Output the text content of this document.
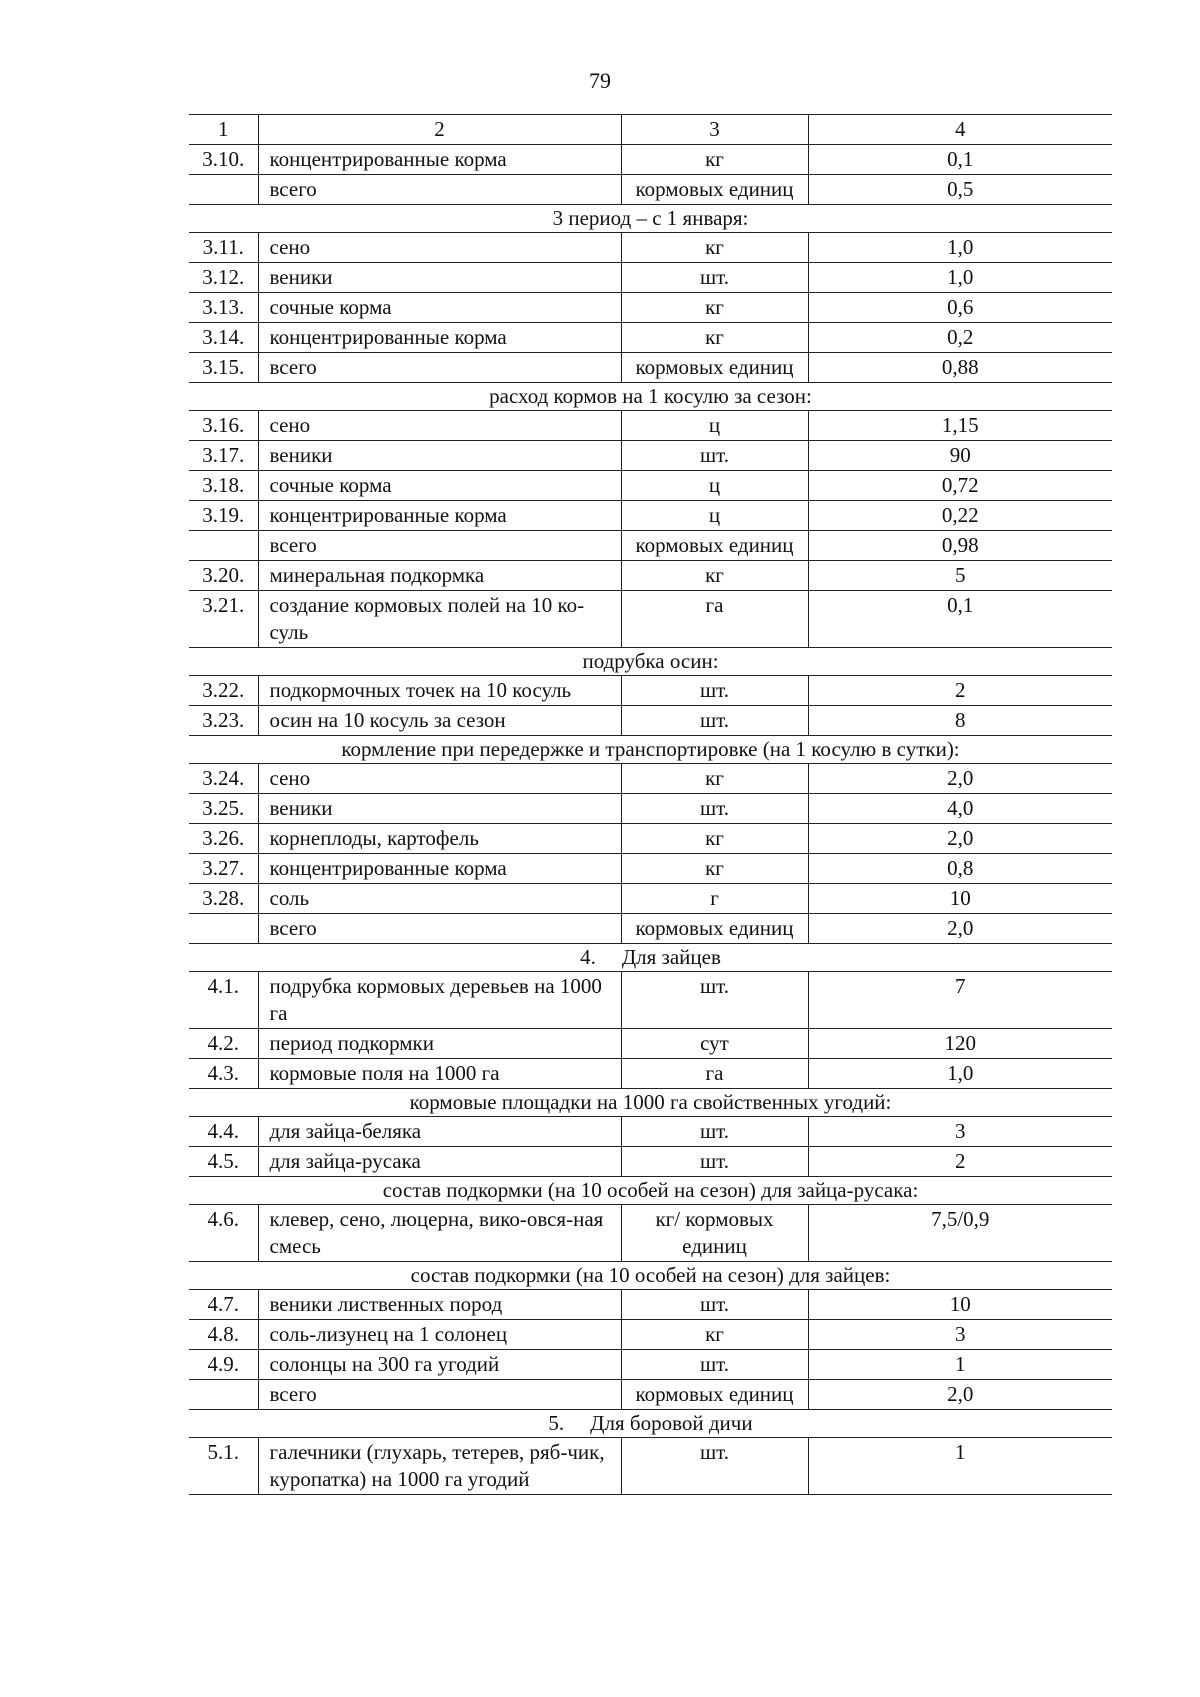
79
1	2	3	4
3.10.	концентрированные корма	кг	0,1
	всего	кормовых единиц	0,5
3 период – с 1 января:			
3.11.	сено	кг	1,0
3.12.	веники	шт.	1,0
3.13.	сочные корма	кг	0,6
3.14.	концентрированные корма	кг	0,2
3.15.	всего	кормовых единиц	0,88
расход кормов на 1 косулю за сезон:			
3.16.	сено	ц	1,15
3.17.	веники	шт.	90
3.18.	сочные корма	ц	0,72
3.19.	концентрированные корма	ц	0,22
	всего	кормовых единиц	0,98
3.20.	минеральная подкормка	кг	5
3.21.	создание кормовых полей на 10 ко-суль	га	0,1
подрубка осин:			
3.22.	подкормочных точек на 10 косуль	шт.	2
3.23.	осин на 10 косуль за сезон	шт.	8
кормление при передержке и транспортировке (на 1 косулю в сутки):			
3.24.	сено	кг	2,0
3.25.	веники	шт.	4,0
3.26.	корнеплоды, картофель	кг	2,0
3.27.	концентрированные корма	кг	0,8
3.28.	соль	г	10
	всего	кормовых единиц	2,0
4. Для зайцев			
4.1.	подрубка кормовых деревьев на 1000 га	шт.	7
4.2.	период подкормки	сут	120
4.3.	кормовые поля на 1000 га	га	1,0
кормовые площадки на 1000 га свойственных угодий:			
4.4.	для зайца-беляка	шт.	3
4.5.	для зайца-русака	шт.	2
состав подкормки (на 10 особей на сезон) для зайца-русака:			
4.6.	клевер, сено, люцерна, вико-овся-ная смесь	кг/ кормовых единиц	7,5/0,9
состав подкормки (на 10 особей на сезон) для зайцев:			
4.7.	веники лиственных пород	шт.	10
4.8.	соль-лизунец на 1 солонец	кг	3
4.9.	солонцы на 300 га угодий	шт.	1
	всего	кормовых единиц	2,0
5. Для боровой дичи			
5.1.	галечники (глухарь, тетерев, ряб-чик, куропатка) на 1000 га угодий	шт.	1
